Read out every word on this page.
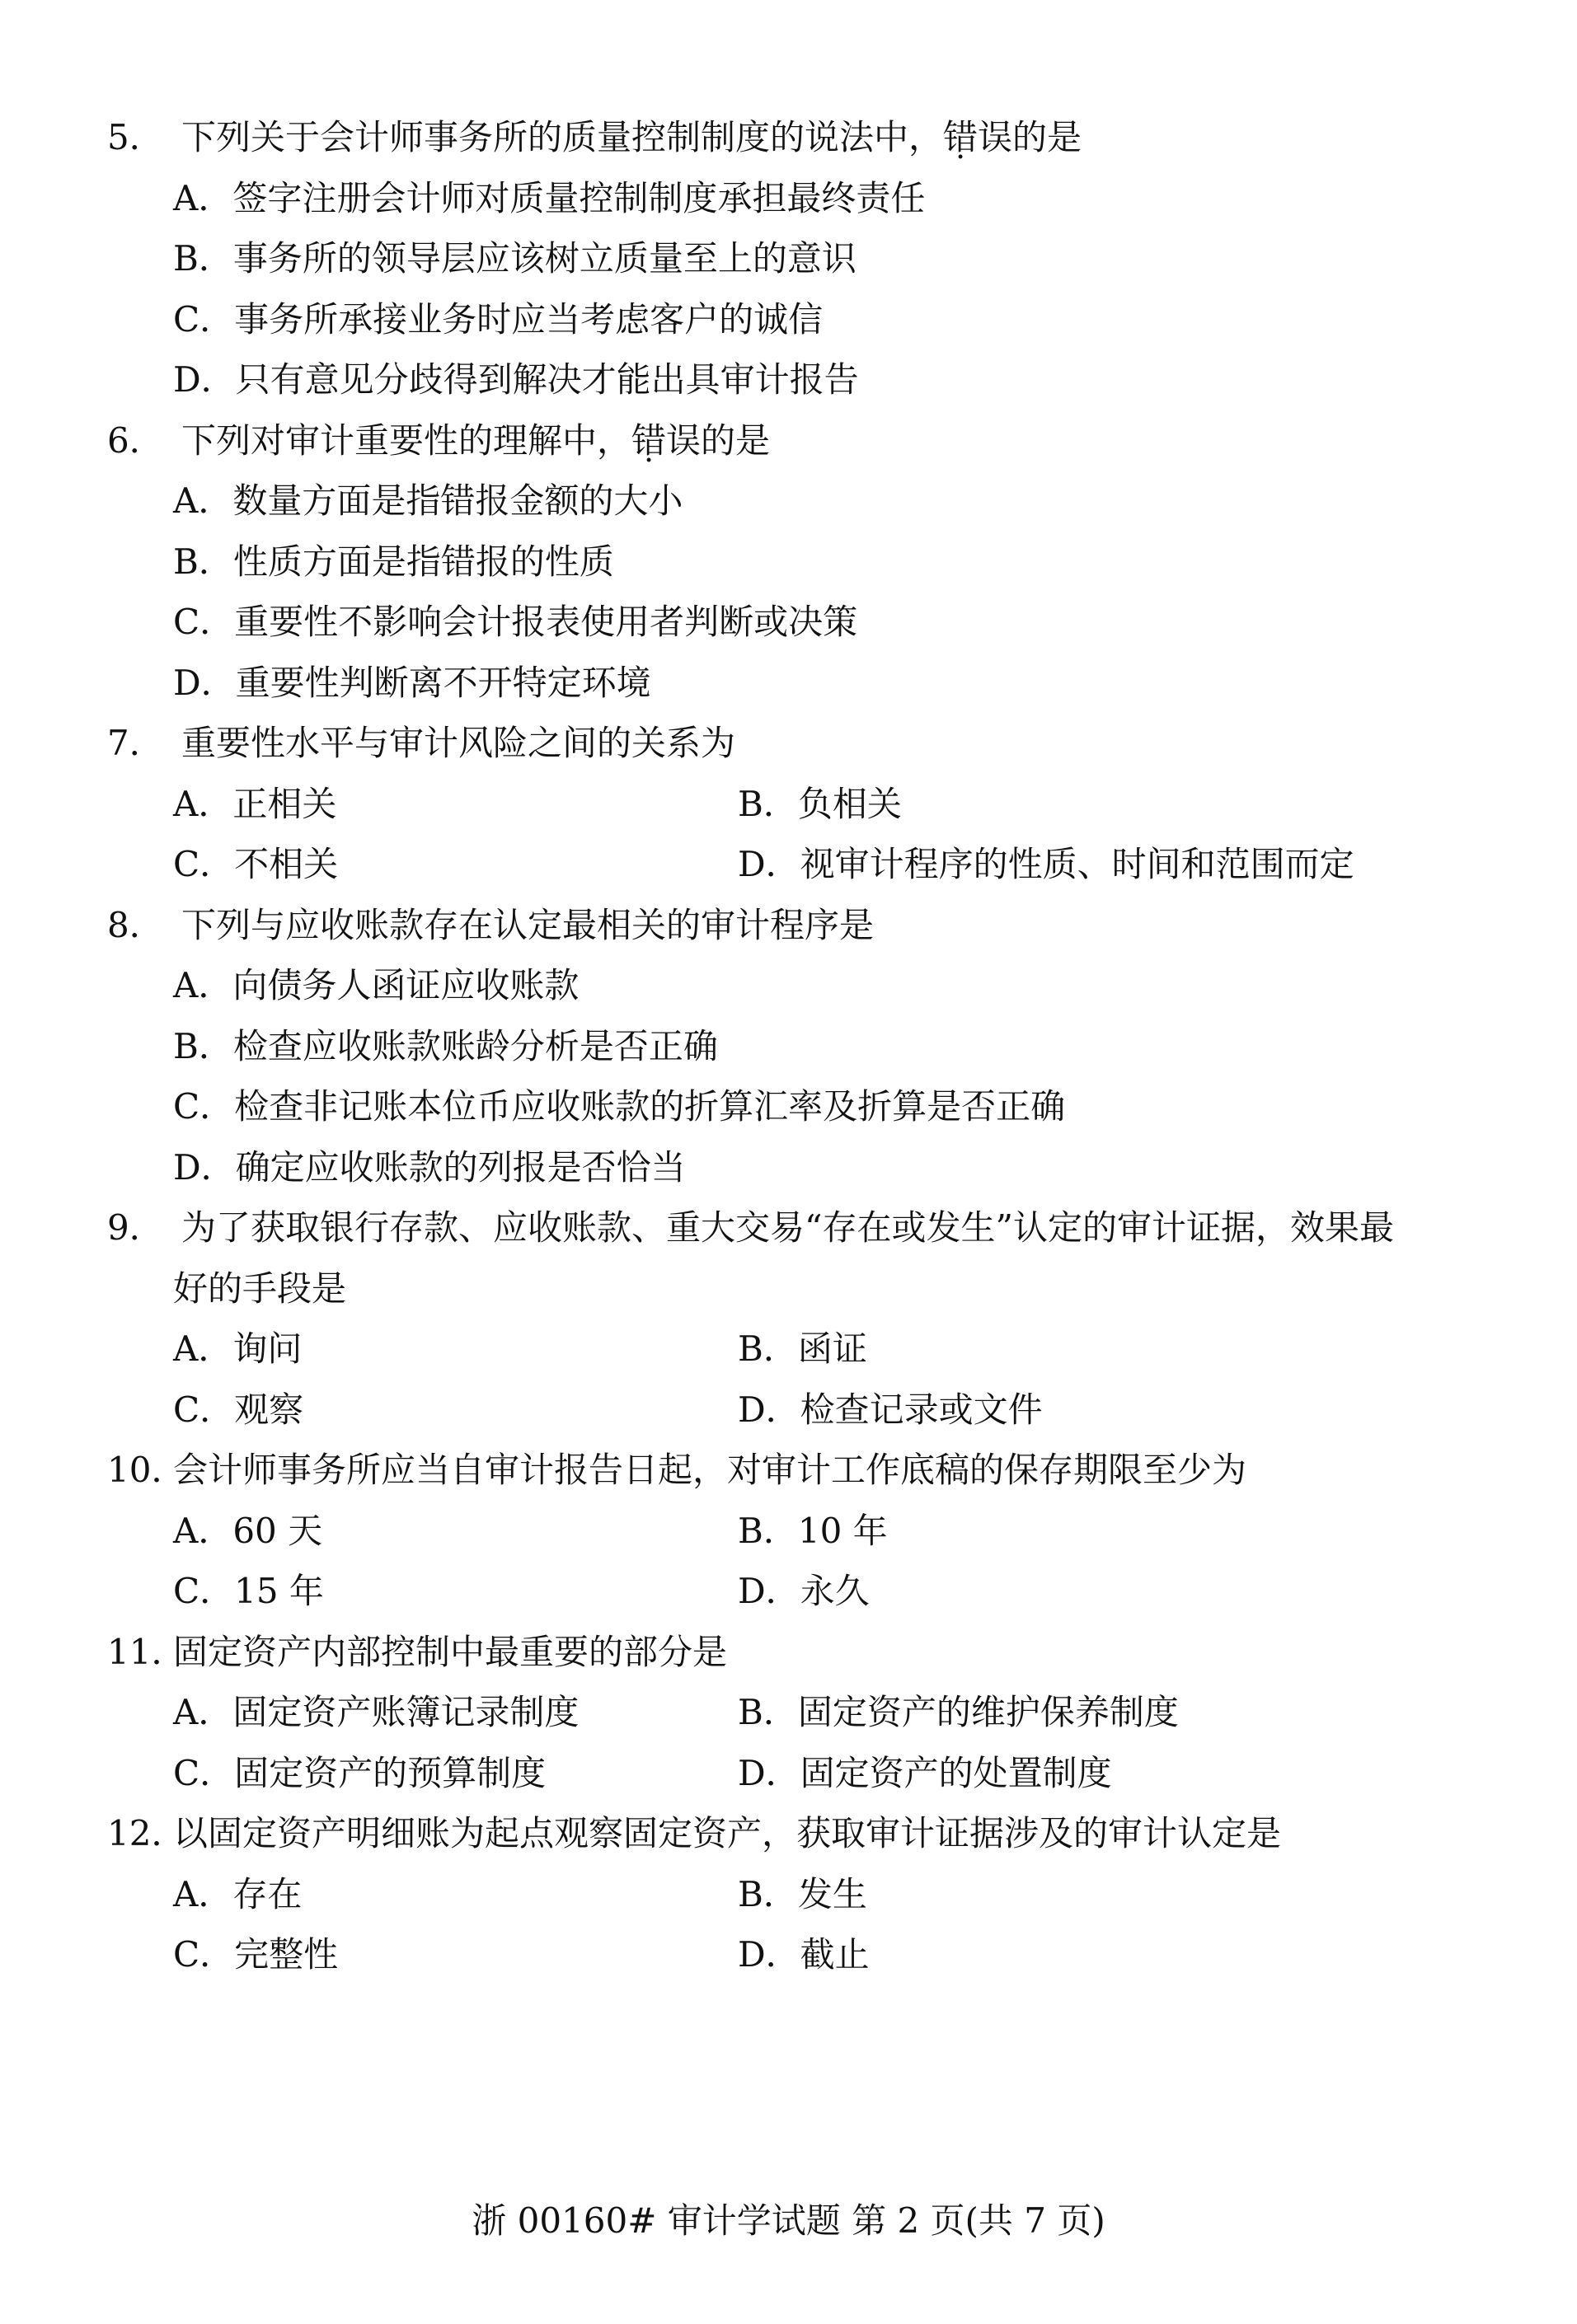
5． 下列关于会计师事务所的质量控制制度的说法中，错 .误的是
A．签字注册会计师对质量控制制度承担最终责任
B．事务所的领导层应该树立质量至上的意识
C．事务所承接业务时应当考虑客户的诚信
D．只有意见分歧得到解决才能出具审计报告
6． 下列对审计重要性的理解中，错 .误的是
A．数量方面是指错报金额的大小
B．性质方面是指错报的性质
C．重要性不影响会计报表使用者判断或决策
D．重要性判断离不开特定环境
7． 重要性水平与审计风险之间的关系为
A．正相关	B．负相关
C．不相关	D．视审计程序的性质、时间和范围而定
8． 下列与应收账款存在认定最相关的审计程序是
A．向债务人函证应收账款
B．检查应收账款账龄分析是否正确
C．检查非记账本位币应收账款的折算汇率及折算是否正确
D．确定应收账款的列报是否恰当
9． 为了获取银行存款、应收账款、重大交易“存在或发生”认定的审计证据，效果最
好的手段是
A．询问	B．函证
C．观察	D．检查记录或文件
10．会计师事务所应当自审计报告日起，对审计工作底稿的保存期限至少为
A．60 天	B．10 年
C．15 年	D．永久
11．固定资产内部控制中最重要的部分是
A．固定资产账簿记录制度	B．固定资产的维护保养制度
C．固定资产的预算制度	D．固定资产的处置制度
12．以固定资产明细账为起点观察固定资产，获取审计证据涉及的审计认定是
A．存在	B．发生
C．完整性	D．截止
浙 00160# 审计学试题 第 2 页(共 7 页)
